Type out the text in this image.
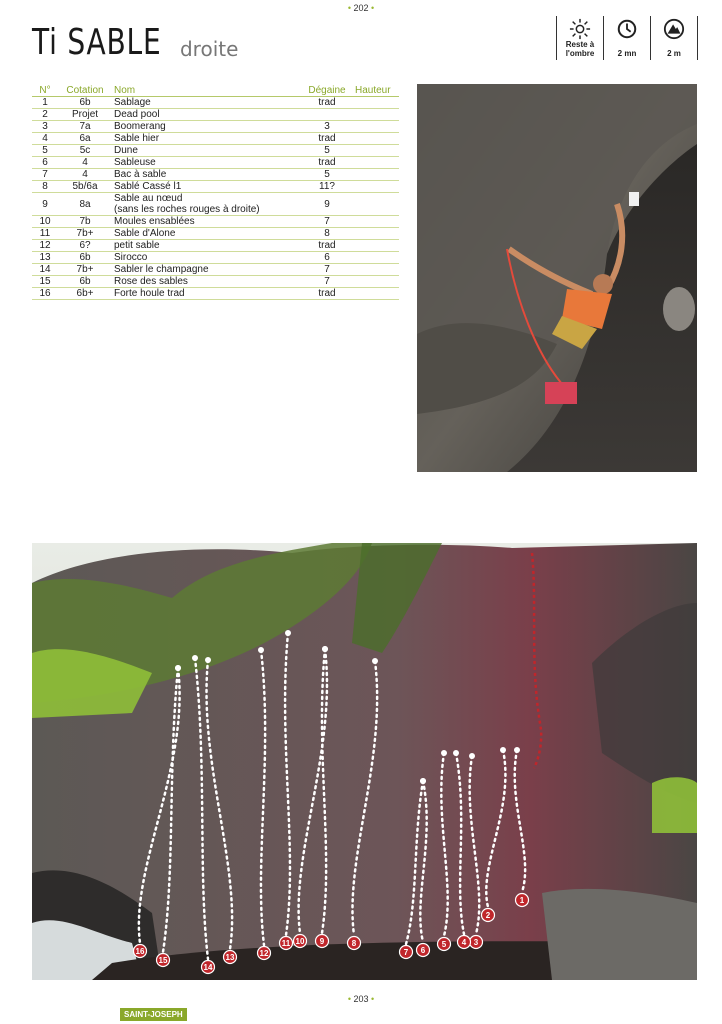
• 202 •
Ti SABLE droite	Reste à l'ombre	2 mn	2 m
N°	Cotation	Nom	Dégaine	Hauteur
1	6b	Sablage	trad	
2	Projet	Dead pool		
3	7a	Boomerang	3	
4	6a	Sable hier	trad	
5	5c	Dune	5	
6	4	Sableuse	trad	
7	4	Bac à sable	5	
8	5b/6a	Sablé Cassé l1	11?	
9	8a	Sable au nœud
(sans les roches rouges à droite)	9	
10	7b	Moules ensablées	7	
11	7b+	Sable d'Alone	8	
12	6?	petit sable	trad	
13	6b	Sirocco	6	
14	7b+	Sabler le champagne	7	
15	6b	Rose des sables	7	
16	6b+	Forte houle trad	trad	
1
2
3
4
5
6
7
8
9
10
11
12
13
14
15
16
• 203 •
SAINT-JOSEPH
